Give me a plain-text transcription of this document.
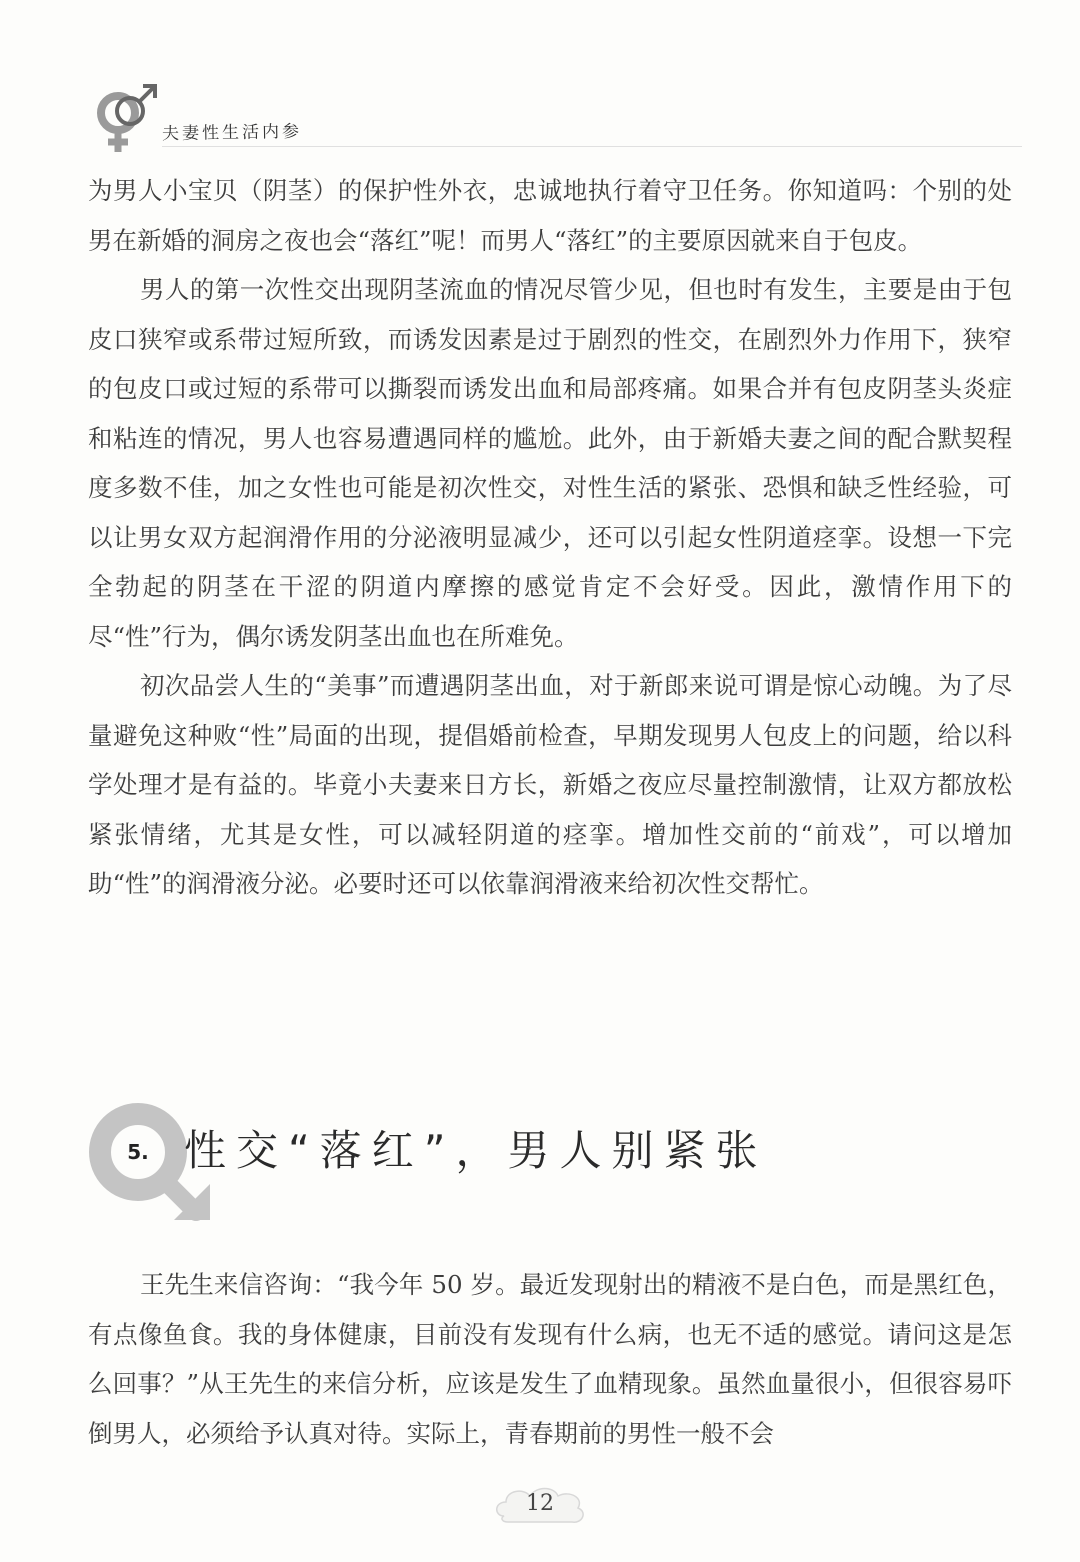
夫妻性生活内参

为男人小宝贝（阴茎）的保护性外衣，忠诚地执行着守卫任务。你知道吗：个别的处男在新婚的洞房之夜也会“落红”呢！而男人“落红”的主要原因就来自于包皮。

男人的第一次性交出现阴茎流血的情况尽管少见，但也时有发生，主要是由于包皮口狭窄或系带过短所致，而诱发因素是过于剧烈的性交，在剧烈外力作用下，狭窄的包皮口或过短的系带可以撕裂而诱发出血和局部疼痛。如果合并有包皮阴茎头炎症和粘连的情况，男人也容易遭遇同样的尴尬。此外，由于新婚夫妻之间的配合默契程度多数不佳，加之女性也可能是初次性交，对性生活的紧张、恐惧和缺乏性经验，可以让男女双方起润滑作用的分泌液明显减少，还可以引起女性阴道痉挛。设想一下完全勃起的阴茎在干涩的阴道内摩擦的感觉肯定不会好受。因此，激情作用下的尽“性”行为，偶尔诱发阴茎出血也在所难免。

初次品尝人生的“美事”而遭遇阴茎出血，对于新郎来说可谓是惊心动魄。为了尽量避免这种败“性”局面的出现，提倡婚前检查，早期发现男人包皮上的问题，给以科学处理才是有益的。毕竟小夫妻来日方长，新婚之夜应尽量控制激情，让双方都放松紧张情绪，尤其是女性，可以减轻阴道的痉挛。增加性交前的“前戏”，可以增加助“性”的润滑液分泌。必要时还可以依靠润滑液来给初次性交帮忙。

5. 性交“落红”，男人别紧张

王先生来信咨询：“我今年 50 岁。最近发现射出的精液不是白色，而是黑红色，有点像鱼食。我的身体健康，目前没有发现有什么病，也无不适的感觉。请问这是怎么回事？”从王先生的来信分析，应该是发生了血精现象。虽然血量很小，但很容易吓倒男人，必须给予认真对待。实际上，青春期前的男性一般不会

12
